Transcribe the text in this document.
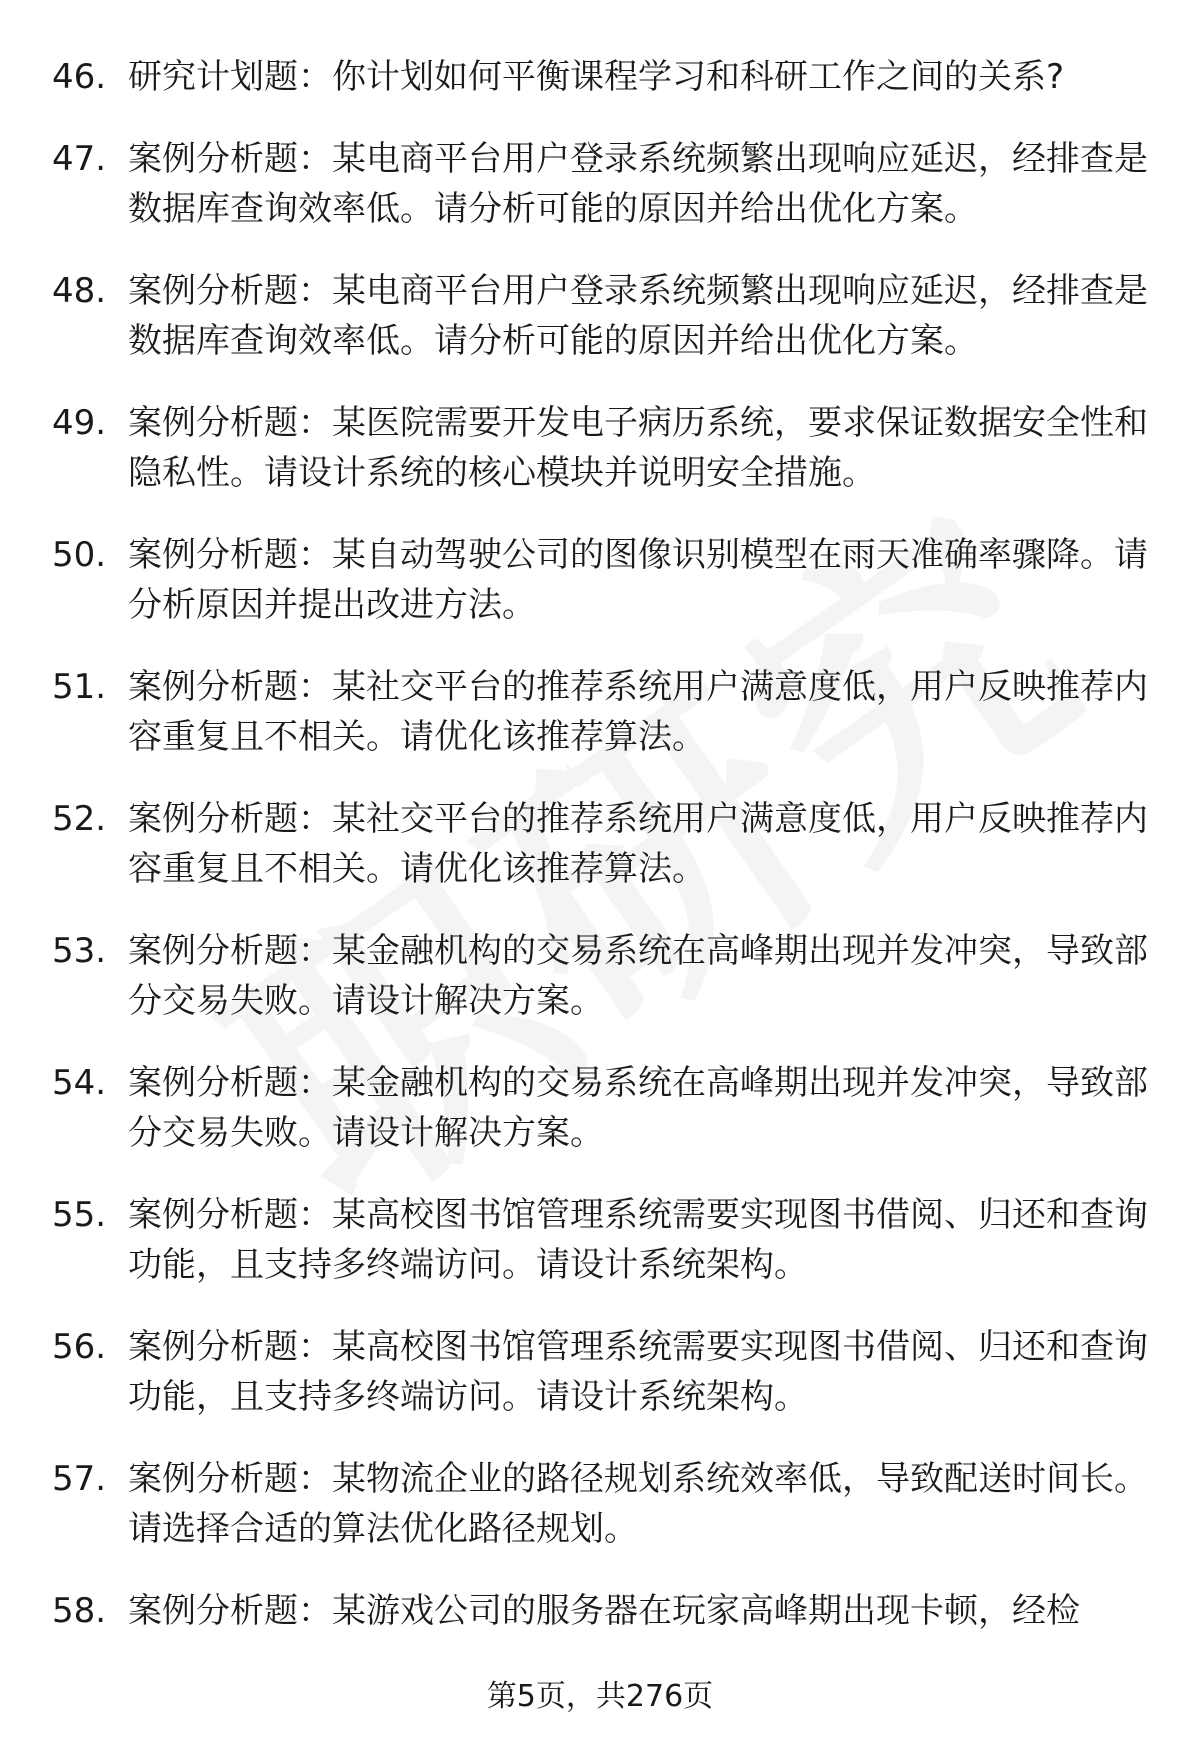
46. 研究计划题：你计划如何平衡课程学习和科研工作之间的关系?
47. 案例分析题：某电商平台用户登录系统频繁出现响应延迟，经排查是数据库查询效率低。请分析可能的原因并给出优化方案。
48. 案例分析题：某电商平台用户登录系统频繁出现响应延迟，经排查是数据库查询效率低。请分析可能的原因并给出优化方案。
49. 案例分析题：某医院需要开发电子病历系统，要求保证数据安全性和隐私性。请设计系统的核心模块并说明安全措施。
50. 案例分析题：某自动驾驶公司的图像识别模型在雨天准确率骤降。请分析原因并提出改进方法。
51. 案例分析题：某社交平台的推荐系统用户满意度低，用户反映推荐内容重复且不相关。请优化该推荐算法。
52. 案例分析题：某社交平台的推荐系统用户满意度低，用户反映推荐内容重复且不相关。请优化该推荐算法。
53. 案例分析题：某金融机构的交易系统在高峰期出现并发冲突，导致部分交易失败。请设计解决方案。
54. 案例分析题：某金融机构的交易系统在高峰期出现并发冲突，导致部分交易失败。请设计解决方案。
55. 案例分析题：某高校图书馆管理系统需要实现图书借阅、归还和查询功能，且支持多终端访问。请设计系统架构。
56. 案例分析题：某高校图书馆管理系统需要实现图书借阅、归还和查询功能，且支持多终端访问。请设计系统架构。
57. 案例分析题：某物流企业的路径规划系统效率低，导致配送时间长。请选择合适的算法优化路径规划。
58. 案例分析题：某游戏公司的服务器在玩家高峰期出现卡顿，经检
第5页，共276页
